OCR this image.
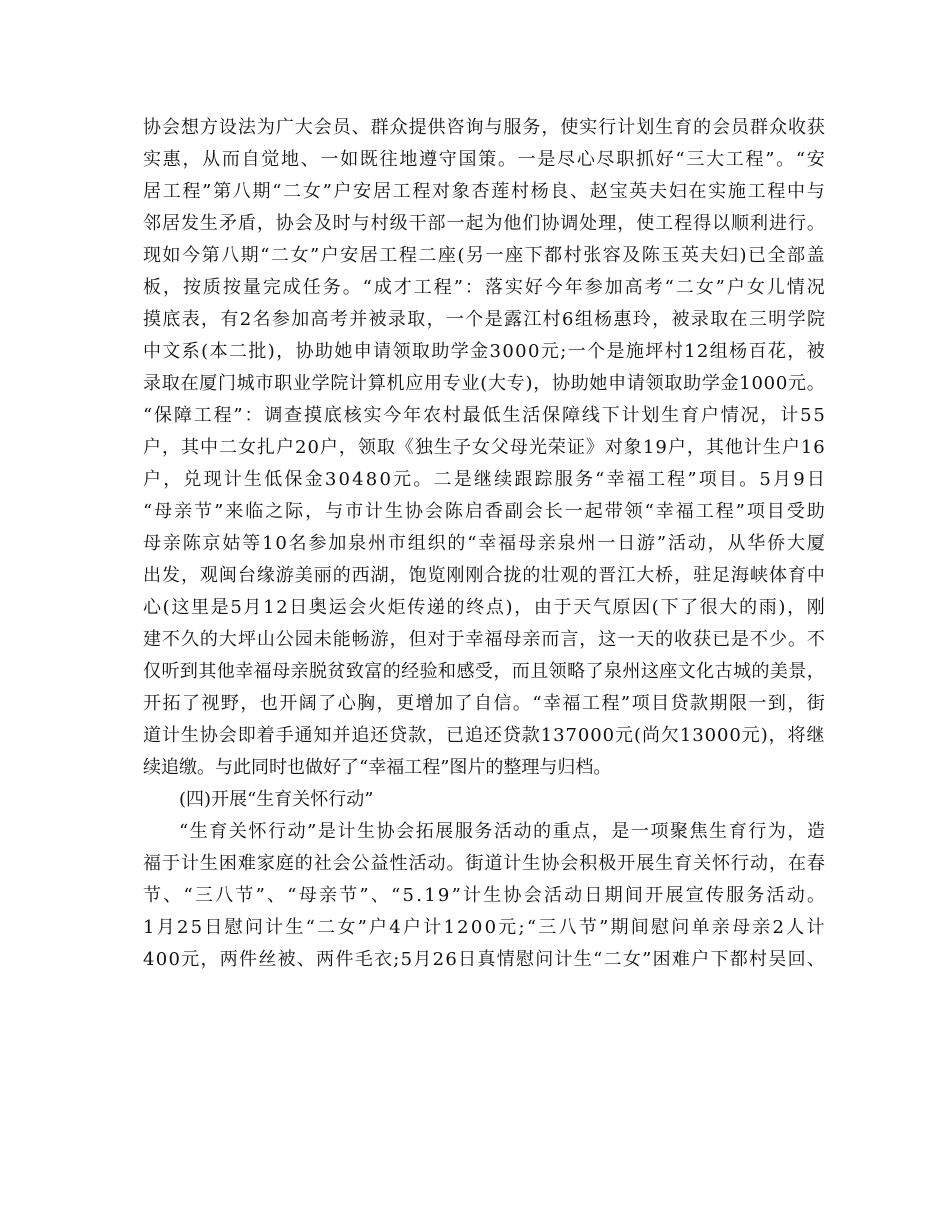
协 会 想 方 设 法 为 广 大 会 员 、 群 众 提 供 咨 询 与 服 务 ， 使 实 行 计 划 生 育 的 会 员 群 众 收 获
实 惠 ， 从 而 自 觉 地 、 一 如 既 往 地 遵 守 国 策 。 一 是 尽 心 尽 职 抓 好 “ 三 大 工 程 ” 。 “ 安
居 工 程 ” 第 八 期 “ 二 女 ” 户 安 居 工 程 对 象 杏 莲 村 杨 良 、 赵 宝 英 夫 妇 在 实 施 工 程 中 与
邻 居 发 生 矛 盾 ， 协 会 及 时 与 村 级 干 部 一 起 为 他 们 协 调 处 理 ， 使 工 程 得 以 顺 利 进 行 。
现 如 今 第 八 期 “ 二 女 ” 户 安 居 工 程 二 座 ( 另 一 座 下 都 村 张 容 及 陈 玉 英 夫 妇 ) 已 全 部 盖
板 ， 按 质 按 量 完 成 任 务 。 “ 成 才 工 程 ” ： 落 实 好 今 年 参 加 高 考 “ 二 女 ” 户 女 儿 情 况
摸 底 表 ， 有 2 名 参 加 高 考 并 被 录 取 ， 一 个 是 露 江 村 6 组 杨 惠 玲 ， 被 录 取 在 三 明 学 院
中 文 系 ( 本 二 批 ) ， 协 助 她 申 请 领 取 助 学 金 3 0 0 0 元 ; 一 个 是 施 坪 村 1 2 组 杨 百 花 ， 被
录 取 在 厦 门 城 市 职 业 学 院 计 算 机 应 用 专 业 ( 大 专 ) ， 协 助 她 申 请 领 取 助 学 金 1 0 0 0 元 。
“ 保 障 工 程 ” ： 调 查 摸 底 核 实 今 年 农 村 最 低 生 活 保 障 线 下 计 划 生 育 户 情 况 ， 计 5 5
户 ， 其 中 二 女 扎 户 2 0 户 ， 领 取 《 独 生 子 女 父 母 光 荣 证 》 对 象 1 9 户 ， 其 他 计 生 户 1 6
户 ， 兑 现 计 生 低 保 金 3 0 4 8 0 元 。 二 是 继 续 跟 踪 服 务 “ 幸 福 工 程 ” 项 目 。 5 月 9 日
“ 母 亲 节 ” 来 临 之 际 ， 与 市 计 生 协 会 陈 启 香 副 会 长 一 起 带 领 “ 幸 福 工 程 ” 项 目 受 助
母 亲 陈 京 姑 等 1 0 名 参 加 泉 州 市 组 织 的 “ 幸 福 母 亲 泉 州 一 日 游 ” 活 动 ， 从 华 侨 大 厦
出 发 ， 观 闽 台 缘 游 美 丽 的 西 湖 ， 饱 览 刚 刚 合 拢 的 壮 观 的 晋 江 大 桥 ， 驻 足 海 峡 体 育 中
心 ( 这 里 是 5 月 1 2 日 奥 运 会 火 炬 传 递 的 终 点 ) ， 由 于 天 气 原 因 ( 下 了 很 大 的 雨 ) ， 刚
建 不 久 的 大 坪 山 公 园 未 能 畅 游 ， 但 对 于 幸 福 母 亲 而 言 ， 这 一 天 的 收 获 已 是 不 少 。 不
仅 听 到 其 他 幸 福 母 亲 脱 贫 致 富 的 经 验 和 感 受 ， 而 且 领 略 了 泉 州 这 座 文 化 古 城 的 美 景 ，
开 拓 了 视 野 ， 也 开 阔 了 心 胸 ， 更 增 加 了 自 信 。 “ 幸 福 工 程 ” 项 目 贷 款 期 限 一 到 ， 街
道 计 生 协 会 即 着 手 通 知 并 追 还 贷 款 ， 已 追 还 贷 款 1 3 7 0 0 0 元 ( 尚 欠 1 3 0 0 0 元 ) ， 将 继
续 追 缴 。 与 此 同 时 也 做 好 了 “ 幸 福 工 程 ” 图 片 的 整 理 与 归 档 。
( 四 ) 开 展 “ 生 育 关 怀 行 动 ”
“ 生 育 关 怀 行 动 ” 是 计 生 协 会 拓 展 服 务 活 动 的 重 点 ， 是 一 项 聚 焦 生 育 行 为 ， 造
福 于 计 生 困 难 家 庭 的 社 会 公 益 性 活 动 。 街 道 计 生 协 会 积 极 开 展 生 育 关 怀 行 动 ， 在 春
节 、 “ 三 八 节 ” 、 “ 母 亲 节 ” 、 “ 5 . 1 9 ” 计 生 协 会 活 动 日 期 间 开 展 宣 传 服 务 活 动 。
1 月 2 5 日 慰 问 计 生 “ 二 女 ” 户 4 户 计 1 2 0 0 元 ; “ 三 八 节 ” 期 间 慰 问 单 亲 母 亲 2 人 计
4 0 0 元 ， 两 件 丝 被 、 两 件 毛 衣 ; 5 月 2 6 日 真 情 慰 问 计 生 “ 二 女 ” 困 难 户 下 都 村 吴 回 、
